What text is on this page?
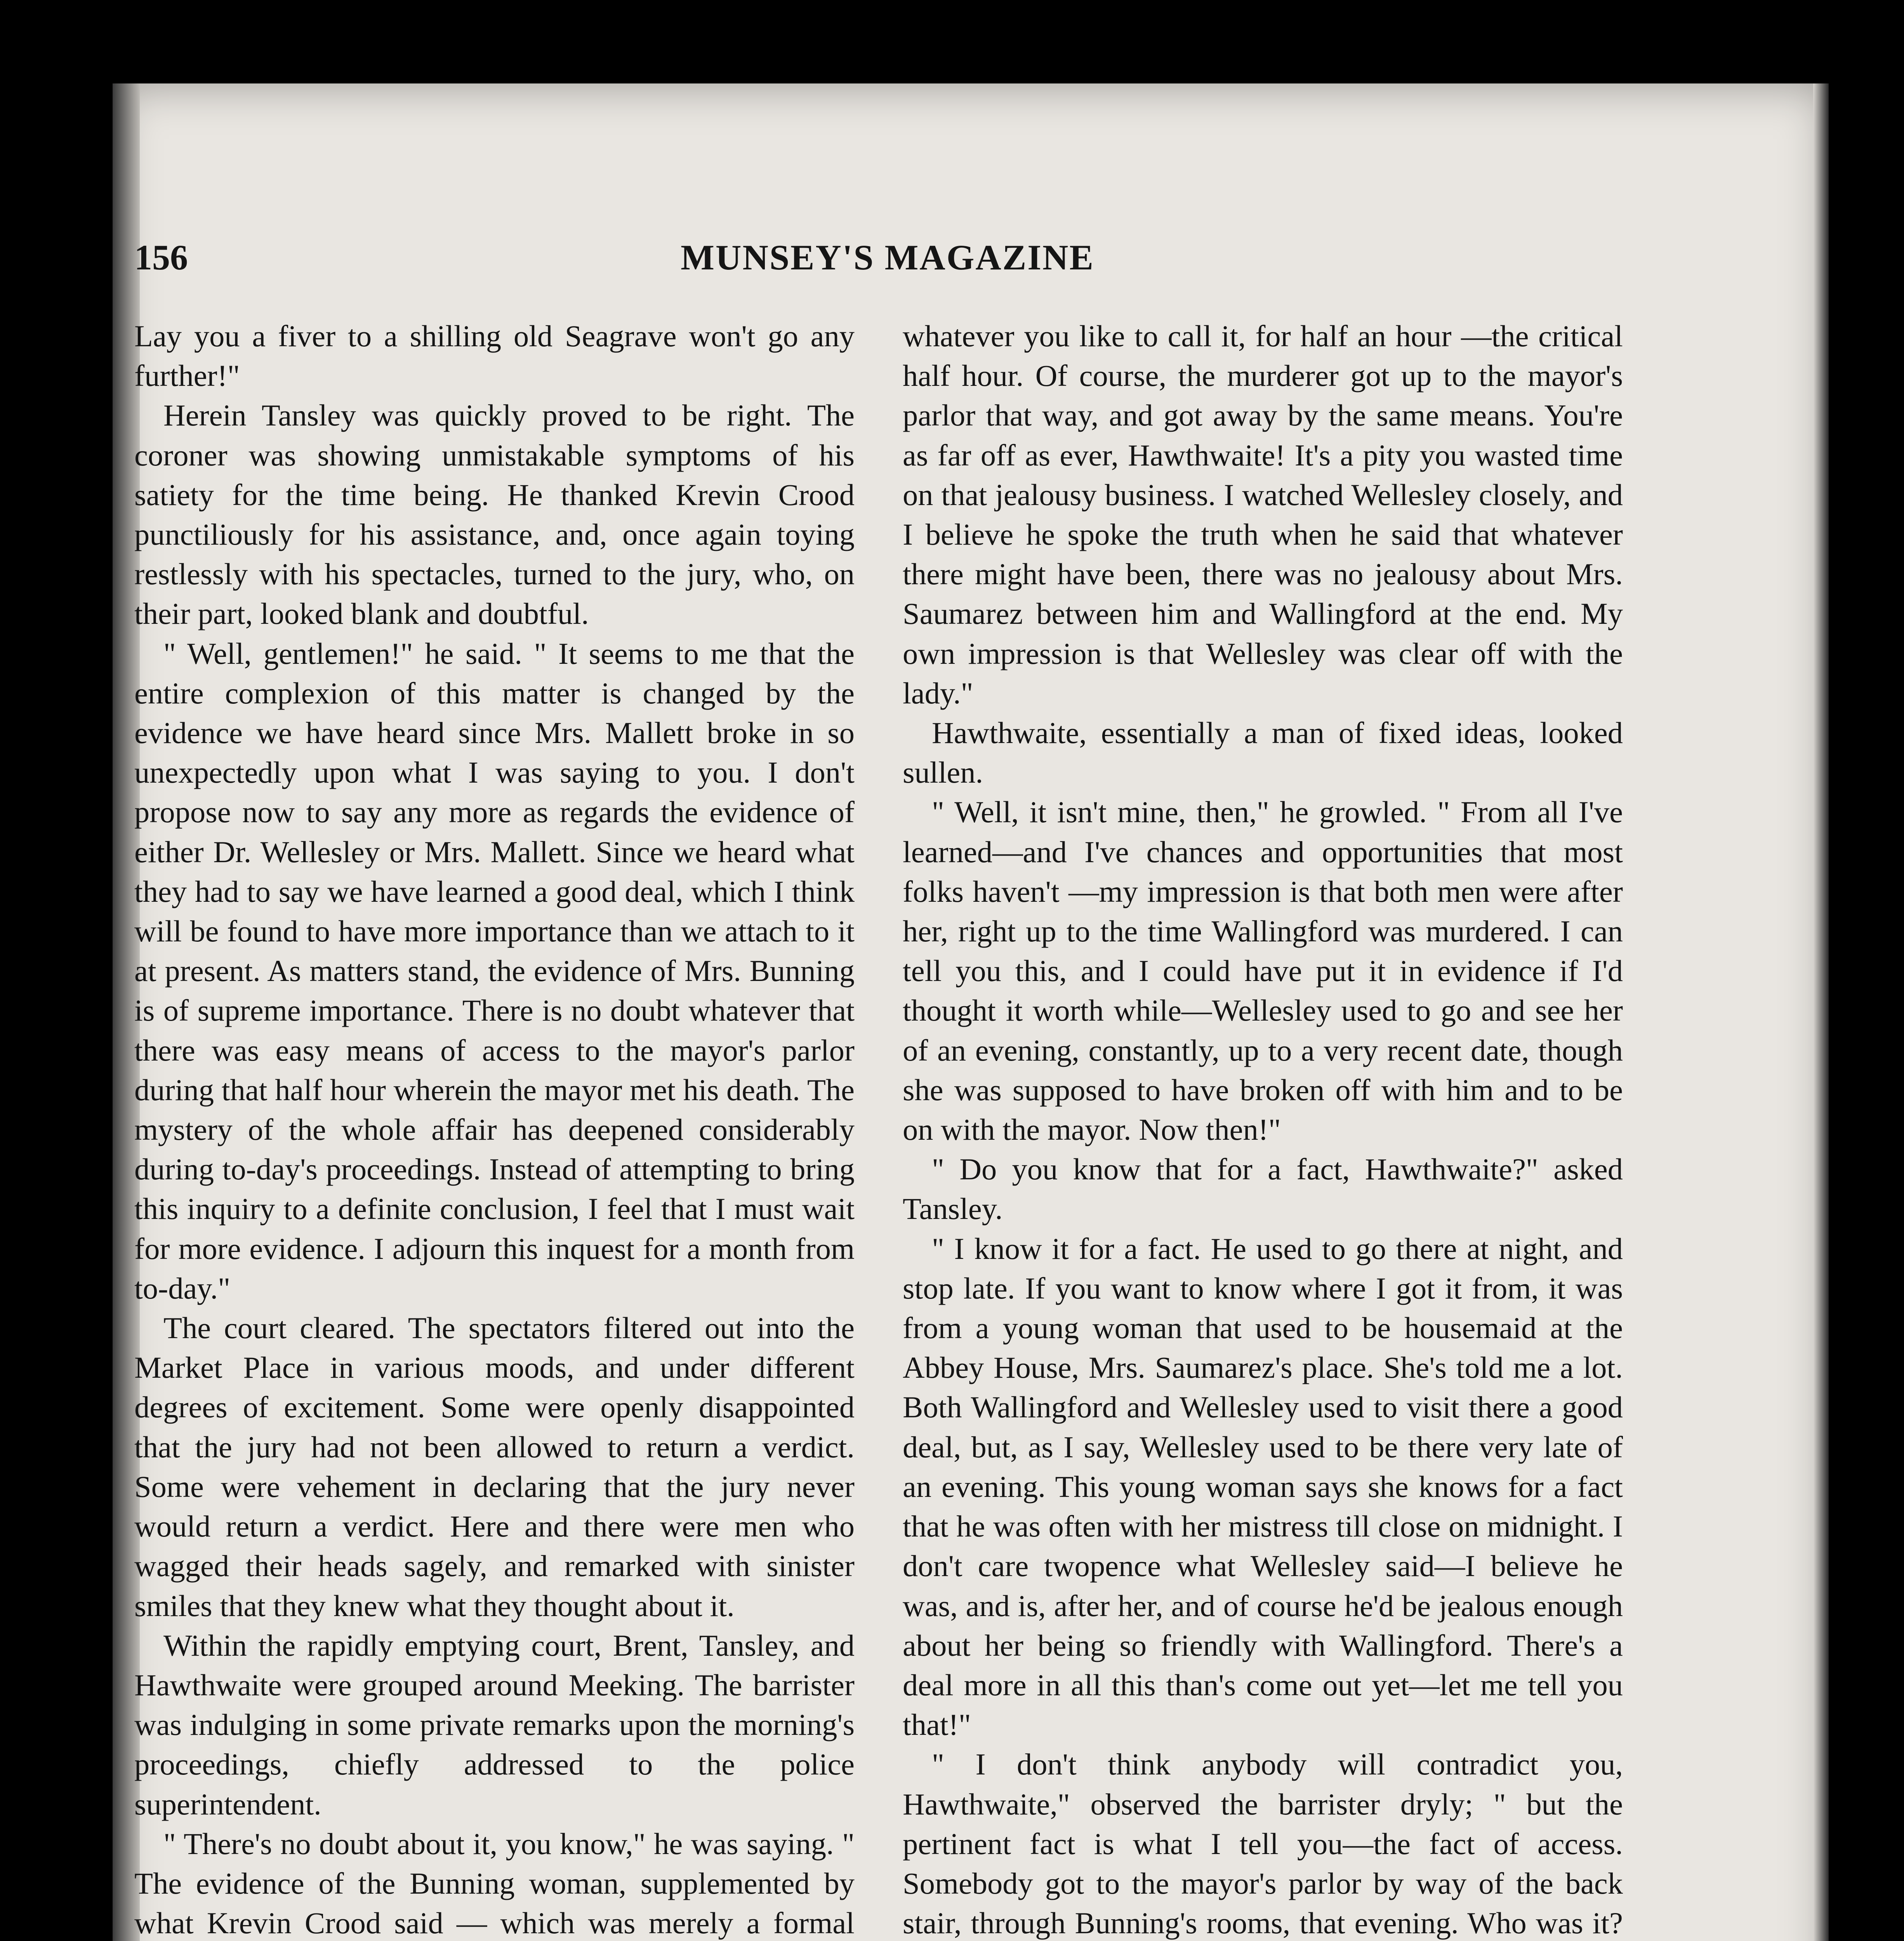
156	MUNSEY'S MAGAZINE

Lay you a fiver to a shilling old Seagrave won't go any further!"

Herein Tansley was quickly proved to be right. The coroner was showing unmistakable symptoms of his satiety for the time being. He thanked Krevin Crood punctiliously for his assistance, and, once again toying restlessly with his spectacles, turned to the jury, who, on their part, looked blank and doubtful.

" Well, gentlemen!" he said. " It seems to me that the entire complexion of this matter is changed by the evidence we have heard since Mrs. Mallett broke in so unexpectedly upon what I was saying to you. I don't propose now to say any more as regards the evidence of either Dr. Wellesley or Mrs. Mallett. Since we heard what they had to say we have learned a good deal, which I think will be found to have more importance than we attach to it at present. As matters stand, the evidence of Mrs. Bunning is of supreme importance. There is no doubt whatever that there was easy means of access to the mayor's parlor during that half hour wherein the mayor met his death. The mystery of the whole affair has deepened considerably during to-day's proceedings. Instead of attempting to bring this inquiry to a definite conclusion, I feel that I must wait for more evidence. I adjourn this inquest for a month from to-day."

The court cleared. The spectators filtered out into the Market Place in various moods, and under different degrees of excitement. Some were openly disappointed that the jury had not been allowed to return a verdict. Some were vehement in declaring that the jury never would return a verdict. Here and there were men who wagged their heads sagely, and remarked with sinister smiles that they knew what they thought about it.

Within the rapidly emptying court, Brent, Tansley, and Hawthwaite were grouped around Meeking. The barrister was indulging in some private remarks upon the morning's proceedings, chiefly addressed to the police superintendent.

" There's no doubt about it, you know," he was saying. " The evidence of the Bunning woman, supplemented by what Krevin Crood said — which was merely a formal

whatever you like to call it, for half an hour —the critical half hour. Of course, the murderer got up to the mayor's parlor that way, and got away by the same means. You're as far off as ever, Hawthwaite! It's a pity you wasted time on that jealousy business. I watched Wellesley closely, and I believe he spoke the truth when he said that whatever there might have been, there was no jealousy about Mrs. Saumarez between him and Wallingford at the end. My own impression is that Wellesley was clear off with the lady."

Hawthwaite, essentially a man of fixed ideas, looked sullen.

" Well, it isn't mine, then," he growled. " From all I've learned—and I've chances and opportunities that most folks haven't —my impression is that both men were after her, right up to the time Wallingford was murdered. I can tell you this, and I could have put it in evidence if I'd thought it worth while—Wellesley used to go and see her of an evening, constantly, up to a very recent date, though she was supposed to have broken off with him and to be on with the mayor. Now then!"

" Do you know that for a fact, Hawthwaite?" asked Tansley.

" I know it for a fact. He used to go there at night, and stop late. If you want to know where I got it from, it was from a young woman that used to be housemaid at the Abbey House, Mrs. Saumarez's place. She's told me a lot. Both Wallingford and Wellesley used to visit there a good deal, but, as I say, Wellesley used to be there very late of an evening. This young woman says she knows for a fact that he was often with her mistress till close on midnight. I don't care twopence what Wellesley said—I believe he was, and is, after her, and of course he'd be jealous enough about her being so friendly with Wallingford. There's a deal more in all this than's come out yet—let me tell you that!"

" I don't think anybody will contradict you, Hawthwaite," observed the barrister dryly; " but the pertinent fact is what I tell you—the fact of access. Somebody got to the mayor's parlor by way of the back stair, through Bunning's rooms, that evening. Who was it?
